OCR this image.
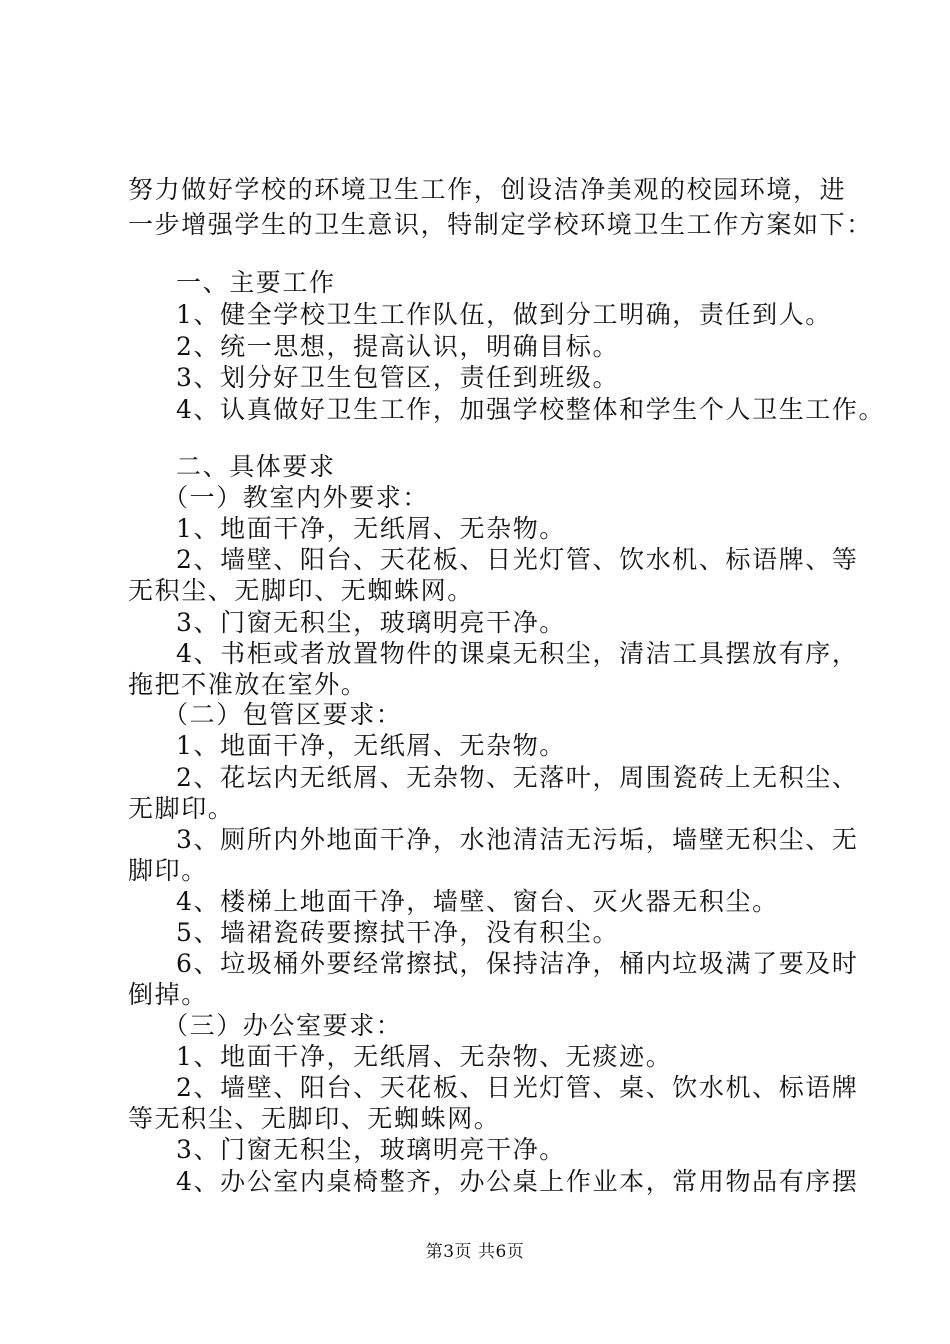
努力做好学校的环境卫生工作，创设洁净美观的校园环境，进
一步增强学生的卫生意识，特制定学校环境卫生工作方案如下：
一、主要工作
1、健全学校卫生工作队伍，做到分工明确，责任到人。
2、统一思想，提高认识，明确目标。
3、划分好卫生包管区，责任到班级。
4、认真做好卫生工作，加强学校整体和学生个人卫生工作。
二、具体要求
（一）教室内外要求：
1、地面干净，无纸屑、无杂物。
2、墙壁、阳台、天花板、日光灯管、饮水机、标语牌、等
无积尘、无脚印、无蜘蛛网。
3、门窗无积尘，玻璃明亮干净。
4、书柜或者放置物件的课桌无积尘，清洁工具摆放有序，
拖把不准放在室外。
（二）包管区要求：
1、地面干净，无纸屑、无杂物。
2、花坛内无纸屑、无杂物、无落叶，周围瓷砖上无积尘、
无脚印。
3、厕所内外地面干净，水池清洁无污垢，墙壁无积尘、无
脚印。
4、楼梯上地面干净，墙壁、窗台、灭火器无积尘。
5、墙裙瓷砖要擦拭干净，没有积尘。
6、垃圾桶外要经常擦拭，保持洁净，桶内垃圾满了要及时
倒掉。
（三）办公室要求：
1、地面干净，无纸屑、无杂物、无痰迹。
2、墙壁、阳台、天花板、日光灯管、桌、饮水机、标语牌
等无积尘、无脚印、无蜘蛛网。
3、门窗无积尘，玻璃明亮干净。
4、办公室内桌椅整齐，办公桌上作业本，常用物品有序摆
第3页 共6页
